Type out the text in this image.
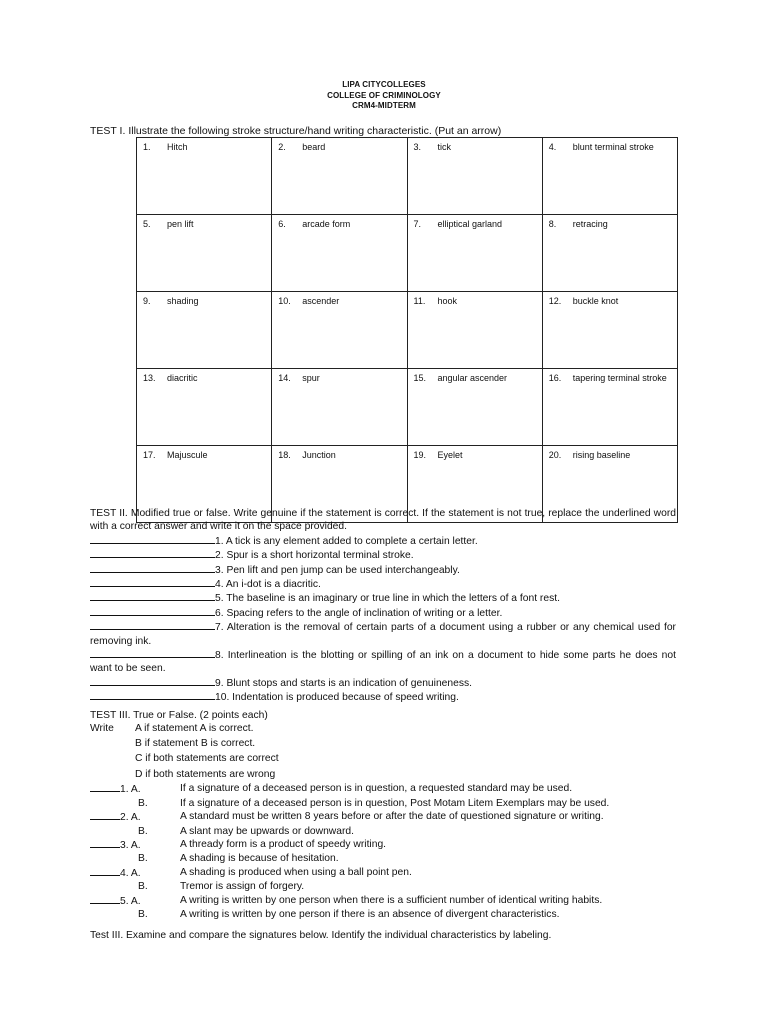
LIPA CITYCOLLEGES
COLLEGE OF CRIMINOLOGY
CRM4-MIDTERM
TEST I. Illustrate the following stroke structure/hand writing characteristic. (Put an arrow)
1. Hitch	2. beard	3. tick	4. blunt terminal stroke

5. pen lift	6. arcade form	7. elliptical garland	8. retracing

9. shading	10. ascender	11. hook	12. buckle knot

13. diacritic	14. spur	15. angular ascender	16. tapering terminal stroke

17. Majuscule	18. Junction	19. Eyelet	20. rising baseline
TEST II. Modified true or false. Write genuine if the statement is correct. If the statement is not true, replace the underlined word with a correct answer and write it on the space provided.
1. A tick is any element added to complete a certain letter.
2. Spur is a short horizontal terminal stroke.
3. Pen lift and pen jump can be used interchangeably.
4. An i-dot is a diacritic.
5. The baseline is an imaginary or true line in which the letters of a font rest.
6. Spacing refers to the angle of inclination of writing or a letter.
7. Alteration is the removal of certain parts of a document using a rubber or any chemical used for removing ink.
8. Interlineation is the blotting or spilling of an ink on a document to hide some parts he does not want to be seen.
9. Blunt stops and starts is an indication of genuineness.
10. Indentation is produced because of speed writing.
TEST III. True or False. (2 points each)
Write	A if statement A is correct.
B if statement B is correct.
C if both statements are correct
D if both statements are wrong
1. A.	If a signature of a deceased person is in question, a requested standard may be used.
B.	If a signature of a deceased person is in question, Post Motam Litem Exemplars may be used.
2. A.	A standard must be written 8 years before or after the date of questioned signature or writing.
B.	A slant may be upwards or downward.
3. A.	A thready form is a product of speedy writing.
B.	A shading is because of hesitation.
4. A.	A shading is produced when using a ball point pen.
B.	Tremor is assign of forgery.
5. A.	A writing is written by one person when there is a sufficient number of identical writing habits.
B.	A writing is written by one person if there is an absence of divergent characteristics.
Test III. Examine and compare the signatures below. Identify the individual characteristics by labeling.
